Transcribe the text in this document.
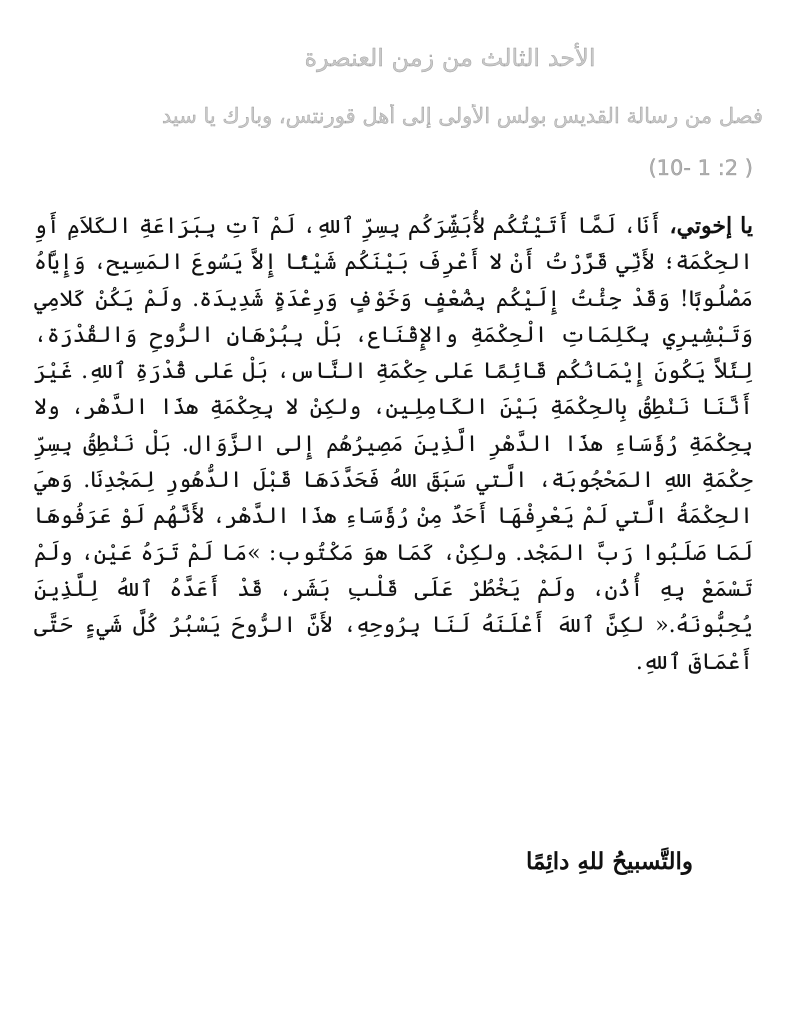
الأحد الثالث من زمن العنصرة
فصل من رسالة القديس بولس الأولى إلى أهل قورنتس، وبارك يا سيد
(10- 1 :2 )
يا إخوتي، أَنَا، لَمَّا أَتَيْتُكُم لأُبَشِّرَكُم بِسِرِّ ٱللهِ، لَمْ آتِ بِبَرَاعَةِ الكَلاَمِ أَوِ الحِكْمَة؛ لأَنِّي قَرَّرْتُ أَنْ لا أَعْرِفَ بَيْنَكُم شَيْئًا إِلاَّ يَسُوعَ المَسِيح، وَإِيَّاهُ مَصْلُوبًا! وَقَدْ جِئْتُ إِلَيْكُم بِضُعْفٍ وَخَوْفٍ وَرِعْدَةٍ شَدِيدَة. ولَمْ يَكُنْ كَلامِي وَتَبْشِيرِي بِكَلِمَاتِ الْحِكْمَةِ والإِقْنَاع، بَلْ بِبُرْهَانِ الرُّوحِ وَالقُدْرَة، لِئَلاَّ يَكُونَ إِيْمَانُكُم قَائِمًا عَلى حِكْمَةِ النَّاس، بَلْ عَلى قُدْرَةِ ٱللهِ. غَيْرَ أَنَّنَا نَنْطِقُ بِالحِكْمَةِ بَيْنَ الكَامِلِين، ولكِنْ لا بِحِكْمَةِ هذَا الدَّهْر، ولا بِحِكْمَةِ رُؤَسَاءِ هذَا الدَّهْرِ الَّذِينَ مَصِيرُهُم إِلى الزَّوَال. بَلْ نَنْطِقُ بِسِرِّ حِكْمَةِ اللهِ المَحْجُوبَة، الَّتي سَبَقَ اللهُ فَحَدَّدَهَا قَبْلَ الدُّهُورِ لِمَجْدِنَا. وَهيَ الحِكْمَةُ الَّتي لَمْ يَعْرِفْهَا أَحَدٌ مِنْ رُؤَسَاءِ هذَا الدَّهْر، لأَنَّهُم لَوْ عَرَفُوهَا لَمَا صَلَبُوا رَبَّ المَجْد. ولكِنْ، كَمَا هوَ مَكْتُوب: »مَا لَمْ تَرَهُ عَيْن، ولَمْ تَسْمَعْ بِهِ أُذُن، ولَمْ يَخْطُرْ عَلَى قَلْبِ بَشَر، قَدْ أَعَدَّهُ ٱللهُ لِلَّذِينَ يُحِبُّونَهُ.« لكِنَّ ٱللهَ أَعْلَنَهُ لَنَا بِرُوحِهِ، لأَنَّ الرُّوحَ يَسْبُرُ كُلَّ شَيءٍ حَتَّى أَعْمَاقَ ٱللهِ.
والتَّسبيحُ للهِ دائِمًا
